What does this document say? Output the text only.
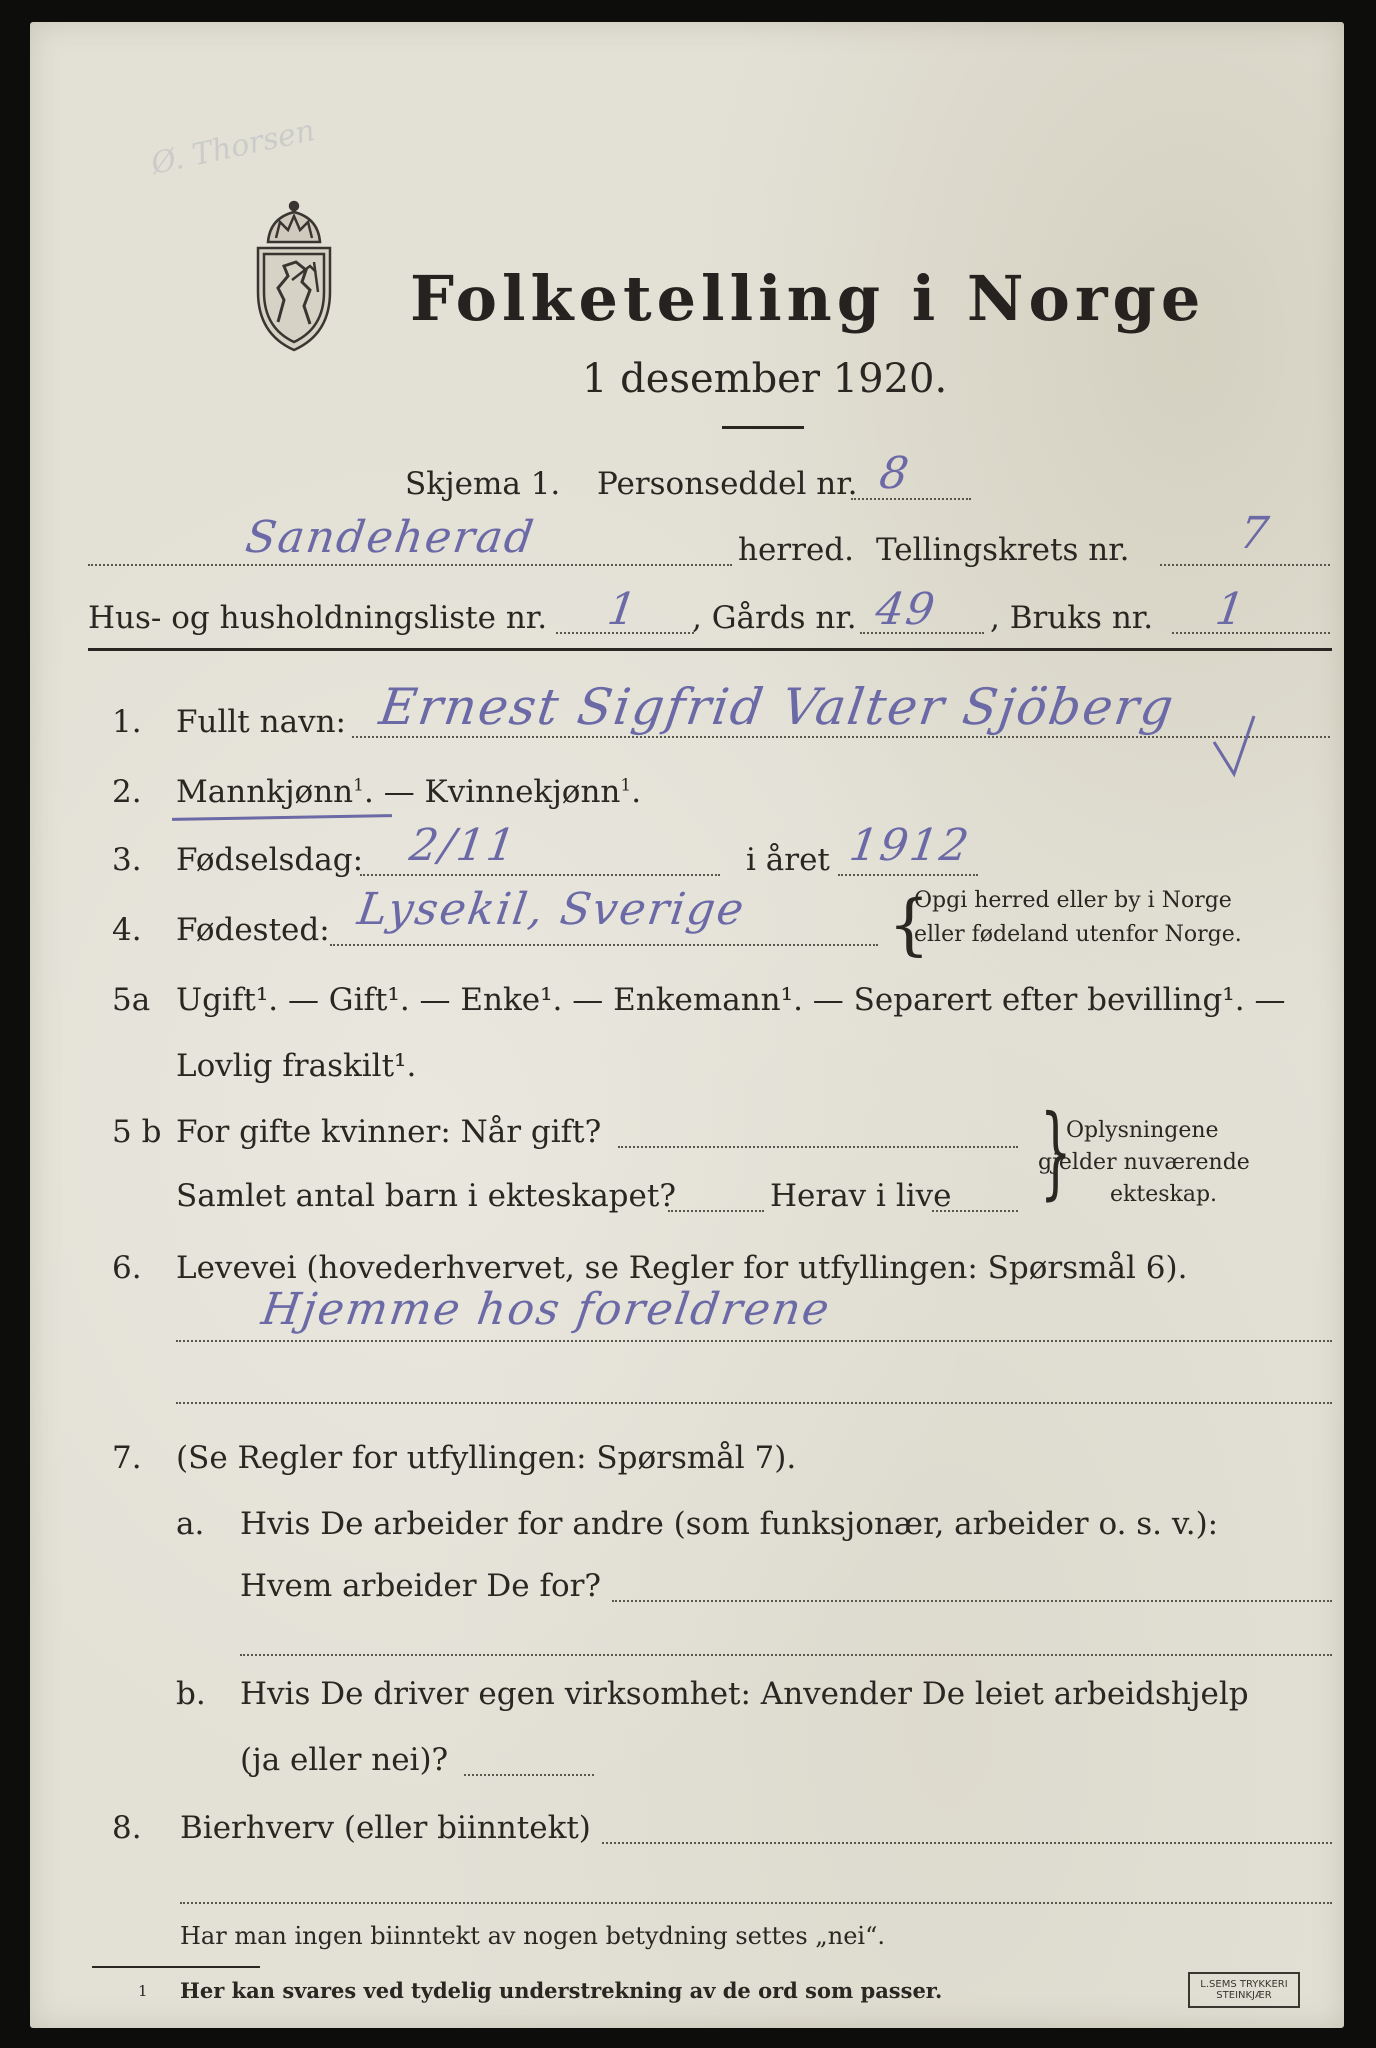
Ø. Thorsen
Folketelling i Norge
1 desember 1920.
Skjema 1. Personseddel nr. 8
Sandeherad	herred. Tellingskrets nr. 7
Hus- og husholdningsliste nr. 1 , Gårds nr. 49 , Bruks nr. 1
1. Fullt navn: Ernest Sigfrid Valter Sjöberg
2. Mannkjønn$^1$. — Kvinnekjønn$^1$.
3. Fødselsdag: 2/11	i året 1912
4. Fødested: Lysekil, Sverige {
Opgi herred eller by i Norge
eller fødeland utenfor Norge.
5a Ugift¹. — Gift¹. — Enke¹. — Enkemann¹. — Separert efter bevilling¹. —
Lovlig fraskilt¹.
5 b For gifte kvinner: Når gift?
Samlet antal barn i ekteskapet?	Herav i live }
Oplysningene
gjelder nuværende
ekteskap.
6. Levevei (hovederhvervet, se Regler for utfyllingen: Spørsmål 6).
Hjemme hos foreldrene
7. (Se Regler for utfyllingen: Spørsmål 7).
a. Hvis De arbeider for andre (som funksjonær, arbeider o. s. v.):
Hvem arbeider De for?
b. Hvis De driver egen virksomhet: Anvender De leiet arbeidshjelp
(ja eller nei)?
8. Bierhverv (eller biinntekt)
Har man ingen biinntekt av nogen betydning settes „nei“.
1 Her kan svares ved tydelig understrekning av de ord som passer.	L.SEMS TRYKKERI
STEINKJÆR
